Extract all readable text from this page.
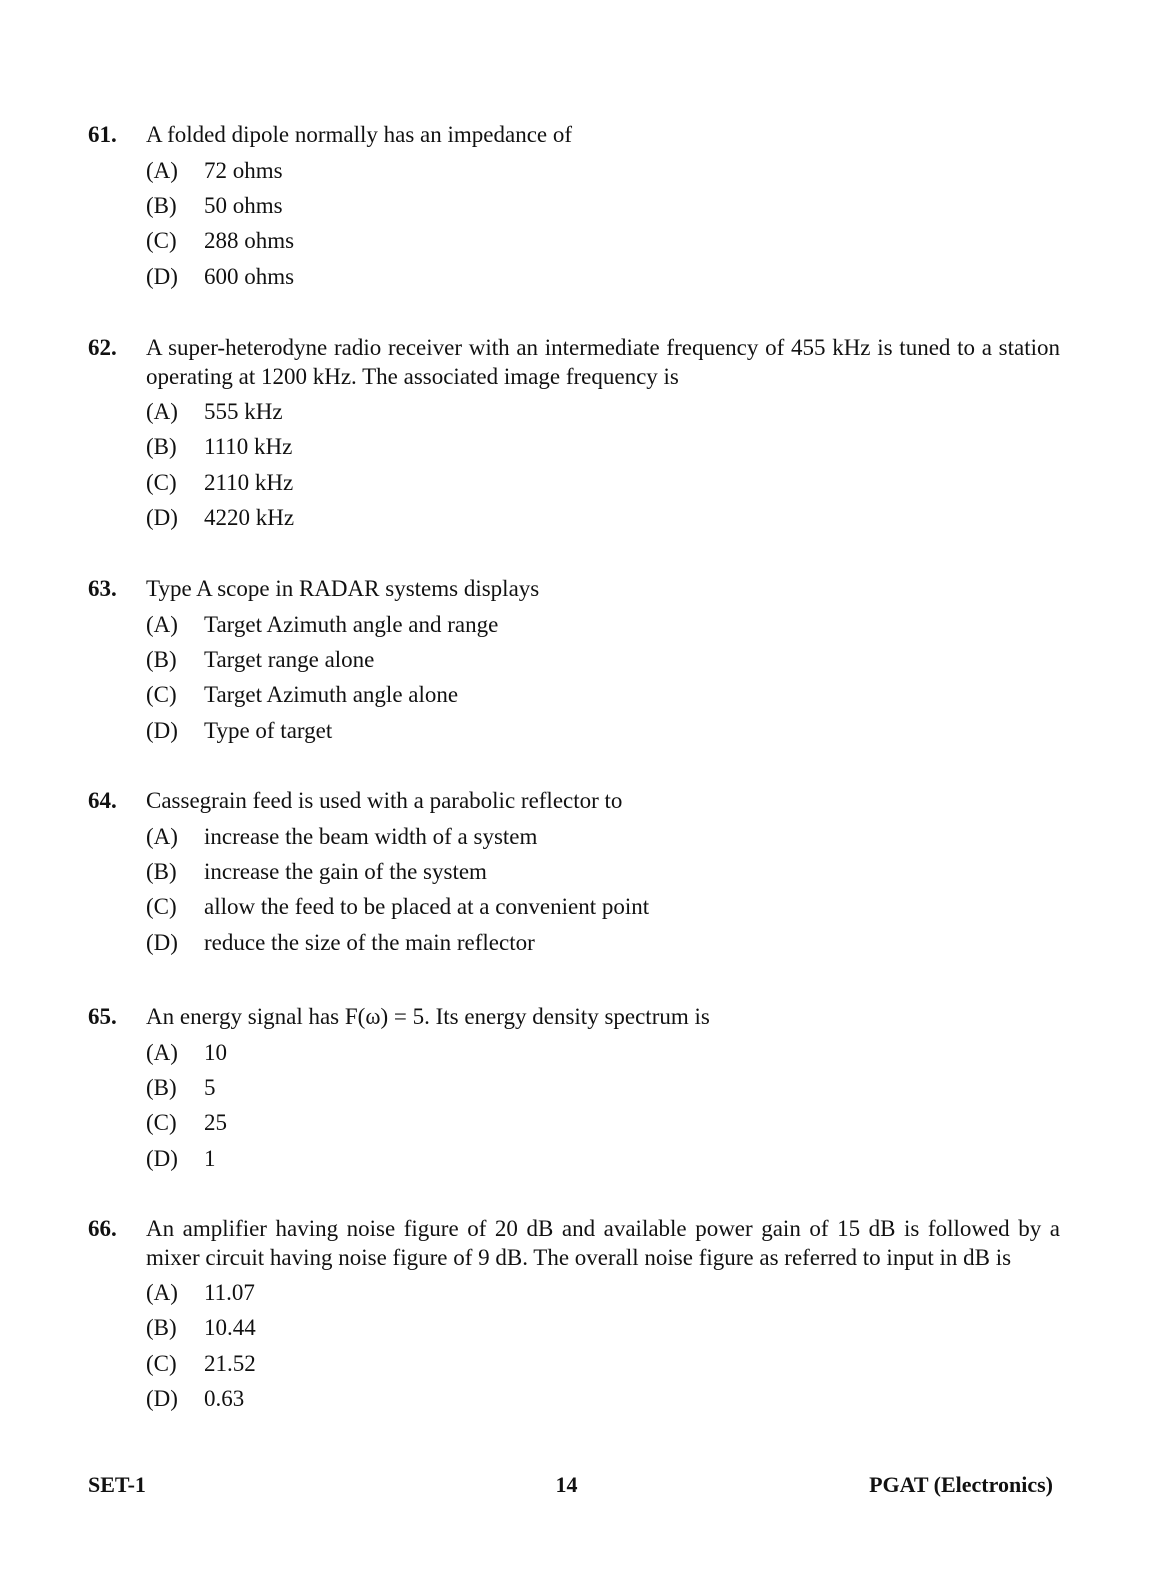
61. A folded dipole normally has an impedance of
(A)	72 ohms
(B)	50 ohms
(C)	288 ohms
(D)	600 ohms
62. A super-heterodyne radio receiver with an intermediate frequency of 455 kHz is tuned to a station operating at 1200 kHz. The associated image frequency is
(A)	555 kHz
(B)	1110 kHz
(C)	2110 kHz
(D)	4220 kHz
63. Type A scope in RADAR systems displays
(A)	Target Azimuth angle and range
(B)	Target range alone
(C)	Target Azimuth angle alone
(D)	Type of target
64. Cassegrain feed is used with a parabolic reflector to
(A)	increase the beam width of a system
(B)	increase the gain of the system
(C)	allow the feed to be placed at a convenient point
(D)	reduce the size of the main reflector
65. An energy signal has F(ω) = 5. Its energy density spectrum is
(A)	10
(B)	5
(C)	25
(D)	1
66. An amplifier having noise figure of 20 dB and available power gain of 15 dB is followed by a mixer circuit having noise figure of 9 dB. The overall noise figure as referred to input in dB is
(A)	11.07
(B)	10.44
(C)	21.52
(D)	0.63
SET-1	14	PGAT (Electronics)
